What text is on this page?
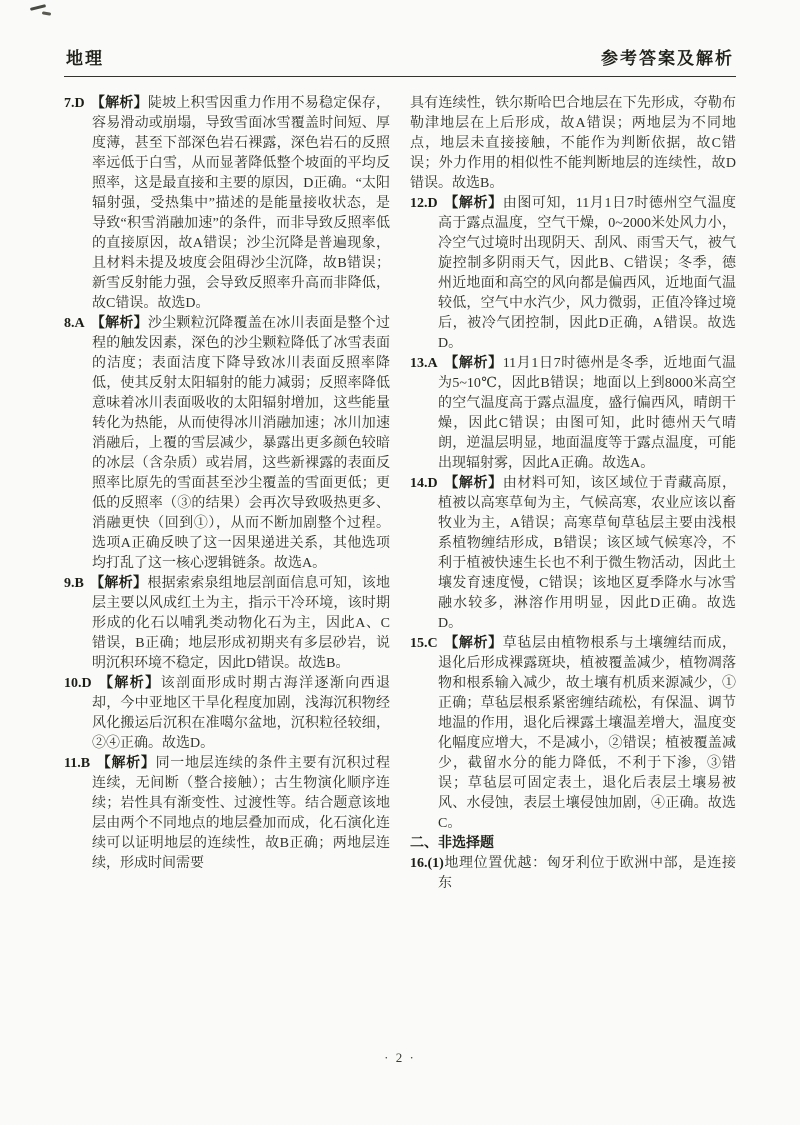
地理	参考答案及解析

7.D 【解析】陡坡上积雪因重力作用不易稳定保存，容易滑动或崩塌，导致雪面冰雪覆盖时间短、厚度薄，甚至下部深色岩石裸露，深色岩石的反照率远低于白雪，从而显著降低整个坡面的平均反照率，这是最直接和主要的原因，D正确。“太阳辐射强，受热集中”描述的是能量接收状态，是导致“积雪消融加速”的条件，而非导致反照率低的直接原因，故A错误；沙尘沉降是普遍现象，且材料未提及坡度会阻碍沙尘沉降，故B错误；新雪反射能力强，会导致反照率升高而非降低，故C错误。故选D。

8.A 【解析】沙尘颗粒沉降覆盖在冰川表面是整个过程的触发因素，深色的沙尘颗粒降低了冰雪表面的洁度；表面洁度下降导致冰川表面反照率降低，使其反射太阳辐射的能力减弱；反照率降低意味着冰川表面吸收的太阳辐射增加，这些能量转化为热能，从而使得冰川消融加速；冰川加速消融后，上覆的雪层减少，暴露出更多颜色较暗的冰层（含杂质）或岩屑，这些新裸露的表面反照率比原先的雪面甚至沙尘覆盖的雪面更低；更低的反照率（③的结果）会再次导致吸热更多、消融更快（回到①），从而不断加剧整个过程。选项A正确反映了这一因果递进关系，其他选项均打乱了这一核心逻辑链条。故选A。

9.B 【解析】根据索索泉组地层剖面信息可知，该地层主要以风成红土为主，指示干冷环境，该时期形成的化石以哺乳类动物化石为主，因此A、C错误，B正确；地层形成初期夹有多层砂岩，说明沉积环境不稳定，因此D错误。故选B。

10.D 【解析】该剖面形成时期古海洋逐渐向西退却，今中亚地区干旱化程度加剧，浅海沉积物经风化搬运后沉积在准噶尔盆地，沉积粒径较细，②④正确。故选D。

11.B 【解析】同一地层连续的条件主要有沉积过程连续，无间断（整合接触）；古生物演化顺序连续；岩性具有渐变性、过渡性等。结合题意该地层由两个不同地点的地层叠加而成，化石演化连续可以证明地层的连续性，故B正确；两地层连续，形成时间需要

具有连续性，铁尔斯哈巴合地层在下先形成，夺勒布勒津地层在上后形成，故A错误；两地层为不同地点，地层未直接接触，不能作为判断依据，故C错误；外力作用的相似性不能判断地层的连续性，故D错误。故选B。

12.D 【解析】由图可知，11月1日7时德州空气温度高于露点温度，空气干燥，0~2000米处风力小，冷空气过境时出现阴天、刮风、雨雪天气，被气旋控制多阴雨天气，因此B、C错误；冬季，德州近地面和高空的风向都是偏西风，近地面气温较低，空气中水汽少，风力微弱，正值冷锋过境后，被冷气团控制，因此D正确，A错误。故选D。

13.A 【解析】11月1日7时德州是冬季，近地面气温为5~10℃，因此B错误；地面以上到8000米高空的空气温度高于露点温度，盛行偏西风，晴朗干燥，因此C错误；由图可知，此时德州天气晴朗，逆温层明显，地面温度等于露点温度，可能出现辐射雾，因此A正确。故选A。

14.D 【解析】由材料可知，该区域位于青藏高原，植被以高寒草甸为主，气候高寒，农业应该以畜牧业为主，A错误；高寒草甸草毡层主要由浅根系植物缠结形成，B错误；该区域气候寒冷，不利于植被快速生长也不利于微生物活动，因此土壤发育速度慢，C错误；该地区夏季降水与冰雪融水较多，淋溶作用明显，因此D正确。故选D。

15.C 【解析】草毡层由植物根系与土壤缠结而成，退化后形成裸露斑块，植被覆盖减少，植物凋落物和根系输入减少，故土壤有机质来源减少，①正确；草毡层根系紧密缠结疏松，有保温、调节地温的作用，退化后裸露土壤温差增大，温度变化幅度应增大，不是减小，②错误；植被覆盖减少，截留水分的能力降低，不利于下渗，③错误；草毡层可固定表土，退化后表层土壤易被风、水侵蚀，表层土壤侵蚀加剧，④正确。故选C。

二、非选择题

16.(1)地理位置优越：匈牙利位于欧洲中部，是连接东

· 2 ·
